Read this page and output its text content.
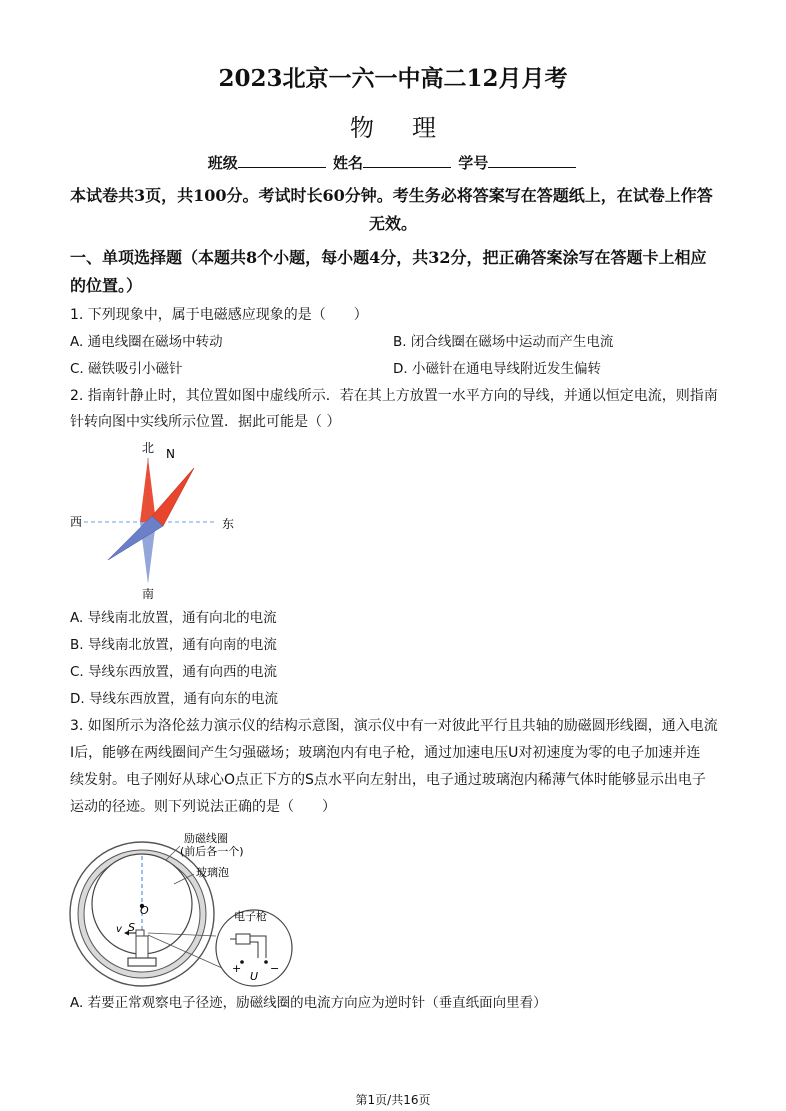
2023北京一六一中高二12月月考
物理
班级	姓名	学号
本试卷共3页，共100分。考试时长60分钟。考生务必将答案写在答题纸上，在试卷上作答
无效。
一、单项选择题（本题共8个小题，每小题4分，共32分，把正确答案涂写在答题卡上相应
的位置。）
1. 下列现象中，属于电磁感应现象的是（　　）
A. 通电线圈在磁场中转动	B. 闭合线圈在磁场中运动而产生电流
C. 磁铁吸引小磁针	D. 小磁针在通电导线附近发生偏转
2. 指南针静止时，其位置如图中虚线所示．若在其上方放置一水平方向的导线，并通以恒定电流，则指南
针转向图中实线所示位置．据此可能是（ ）
北 N
南
西	东
A. 导线南北放置，通有向北的电流
B. 导线南北放置，通有向南的电流
C. 导线东西放置，通有向西的电流
D. 导线东西放置，通有向东的电流
3. 如图所示为洛伦兹力演示仪的结构示意图，演示仪中有一对彼此平行且共轴的励磁圆形线圈，通入电流
I后，能够在两线圈间产生匀强磁场；玻璃泡内有电子枪，通过加速电压U对初速度为零的电子加速并连
续发射。电子刚好从球心O点正下方的S点水平向左射出，电子通过玻璃泡内稀薄气体时能够显示出电子
运动的径迹。则下列说法正确的是（　　）
励磁线圈
(前后各一个)
玻璃泡
电子枪
O
S
v
U
+	−
A. 若要正常观察电子径迹，励磁线圈的电流方向应为逆时针（垂直纸面向里看）
第1页/共16页
